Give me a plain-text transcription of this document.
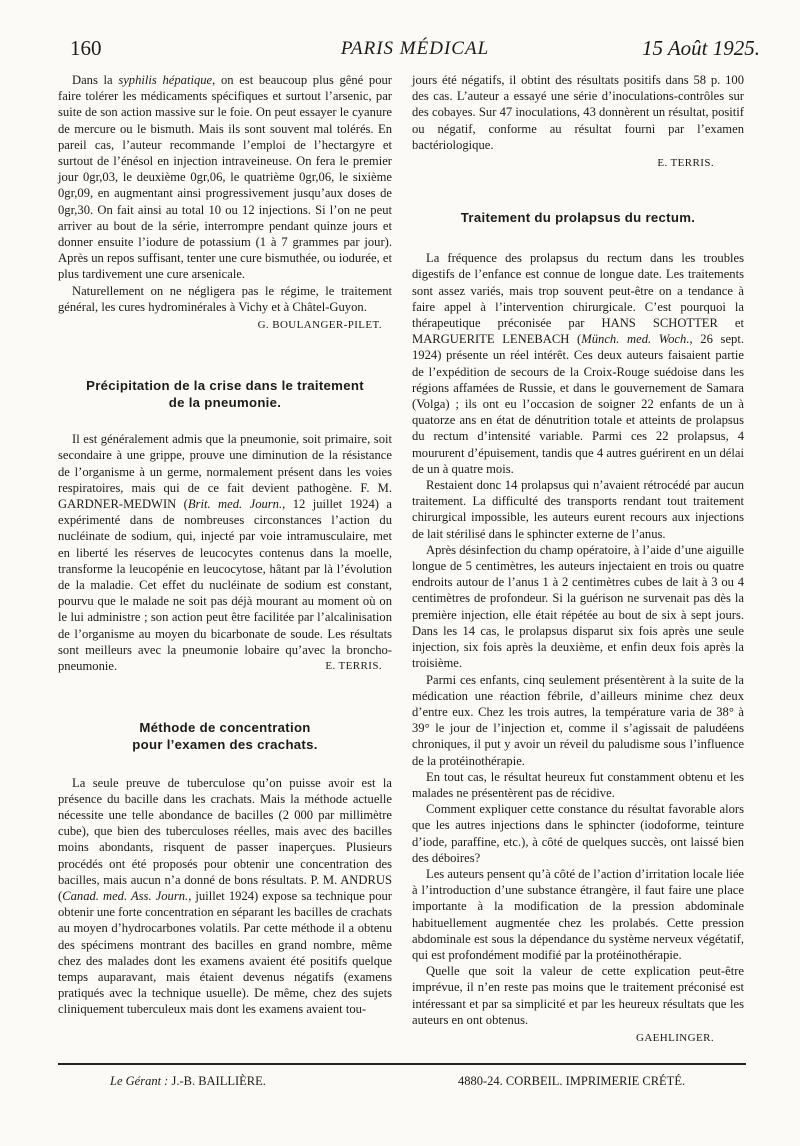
160	PARIS MÉDICAL	15 Août 1925.

Dans la syphilis hépatique, on est beaucoup plus gêné pour faire tolérer les médicaments spécifiques et surtout l’arsenic, par suite de son action massive sur le foie. On peut essayer le cyanure de mercure ou le bismuth. Mais ils sont souvent mal tolérés. En pareil cas, l’auteur recommande l’emploi de l’hectargyre et surtout de l’énésol en injection intraveineuse. On fera le premier jour 0gr,03, le deuxième 0gr,06, le quatrième 0gr,06, le sixième 0gr,09, en augmentant ainsi progressivement jusqu’aux doses de 0gr,30. On fait ainsi au total 10 ou 12 injections. Si l’on ne peut arriver au bout de la série, interrompre pendant quinze jours et donner ensuite l’iodure de potassium (1 à 7 grammes par jour). Après un repos suffisant, tenter une cure bismuthée, ou iodurée, et plus tardivement une cure arsenicale.

Naturellement on ne négligera pas le régime, le traitement général, les cures hydrominérales à Vichy et à Châtel-Guyon.

G. BOULANGER-PILET.
Précipitation de la crise dans le traitement
de la pneumonie.

Il est généralement admis que la pneumonie, soit primaire, soit secondaire à une grippe, prouve une diminution de la résistance de l’organisme à un germe, normalement présent dans les voies respiratoires, mais qui de ce fait devient pathogène. F. M. GARDNER-MEDWIN (Brit. med. Journ., 12 juillet 1924) a expérimenté dans de nombreuses circonstances l’action du nucléinate de sodium, qui, injecté par voie intramusculaire, met en liberté les réserves de leucocytes contenus dans la moelle, transforme la leucopénie en leucocytose, hâtant par là l’évolution de la maladie. Cet effet du nucléinate de sodium est constant, pourvu que le malade ne soit pas déjà mourant au moment où on le lui administre ; son action peut être facilitée par l’alcalinisation de l’organisme au moyen du bicarbonate de soude. Les résultats sont meilleurs avec la pneumonie lobaire qu’avec la broncho-pneumonie.	E. TERRIS.
Méthode de concentration
pour l’examen des crachats.

La seule preuve de tuberculose qu’on puisse avoir est la présence du bacille dans les crachats. Mais la méthode actuelle nécessite une telle abondance de bacilles (2 000 par millimètre cube), que bien des tuberculoses réelles, mais avec des bacilles moins abondants, risquent de passer inaperçues. Plusieurs procédés ont été proposés pour obtenir une concentration des bacilles, mais aucun n’a donné de bons résultats. P. M. ANDRUS (Canad. med. Ass. Journ., juillet 1924) expose sa technique pour obtenir une forte concentration en séparant les bacilles de crachats au moyen d’hydrocarbones volatils. Par cette méthode il a obtenu des spécimens montrant des bacilles en grand nombre, même chez des malades dont les examens avaient été positifs quelque temps auparavant, mais étaient devenus négatifs (examens pratiqués avec la technique usuelle). De même, chez des sujets cliniquement tuberculeux mais dont les examens avaient tou-

jours été négatifs, il obtint des résultats positifs dans 58 p. 100 des cas. L’auteur a essayé une série d’inoculations-contrôles sur des cobayes. Sur 47 inoculations, 43 donnèrent un résultat, positif ou négatif, conforme au résultat fourni par l’examen bactériologique.

E. TERRIS.
Traitement du prolapsus du rectum.

La fréquence des prolapsus du rectum dans les troubles digestifs de l’enfance est connue de longue date. Les traitements sont assez variés, mais trop souvent peut-être on a tendance à faire appel à l’intervention chirurgicale. C’est pourquoi la thérapeutique préconisée par HANS SCHOTTER et MARGUERITE LENEBACH (Münch. med. Woch., 26 sept. 1924) présente un réel intérêt. Ces deux auteurs faisaient partie de l’expédition de secours de la Croix-Rouge suédoise dans les régions affamées de Russie, et dans le gouvernement de Samara (Volga) ; ils ont eu l’occasion de soigner 22 enfants de un à quatorze ans en état de dénutrition totale et atteints de prolapsus du rectum d’intensité variable. Parmi ces 22 prolapsus, 4 moururent d’épuisement, tandis que 4 autres guérirent en un délai de un à quatre mois.

Restaient donc 14 prolapsus qui n’avaient rétrocédé par aucun traitement. La difficulté des transports rendant tout traitement chirurgical impossible, les auteurs eurent recours aux injections de lait stérilisé dans le sphincter externe de l’anus.

Après désinfection du champ opératoire, à l’aide d’une aiguille longue de 5 centimètres, les auteurs injectaient en trois ou quatre endroits autour de l’anus 1 à 2 centimètres cubes de lait à 3 ou 4 centimètres de profondeur. Si la guérison ne survenait pas dès la première injection, elle était répétée au bout de six à sept jours. Dans les 14 cas, le prolapsus disparut six fois après une seule injection, six fois après la deuxième, et enfin deux fois après la troisième.

Parmi ces enfants, cinq seulement présentèrent à la suite de la médication une réaction fébrile, d’ailleurs minime chez deux d’entre eux. Chez les trois autres, la température varia de 38° à 39° le jour de l’injection et, comme il s’agissait de paludéens chroniques, il put y avoir un réveil du paludisme sous l’influence de la protéinothérapie.

En tout cas, le résultat heureux fut constamment obtenu et les malades ne présentèrent pas de récidive.

Comment expliquer cette constance du résultat favorable alors que les autres injections dans le sphincter (iodoforme, teinture d’iode, paraffine, etc.), à côté de quelques succès, ont laissé bien des déboires?

Les auteurs pensent qu’à côté de l’action d’irritation locale liée à l’introduction d’une substance étrangère, il faut faire une place importante à la modification de la pression abdominale habituellement augmentée chez les prolabés. Cette pression abdominale est sous la dépendance du système nerveux végétatif, qui est profondément modifié par la protéinothérapie.

Quelle que soit la valeur de cette explication peut-être imprévue, il n’en reste pas moins que le traitement préconisé est intéressant et par sa simplicité et par les heureux résultats que les auteurs en ont obtenus.

GAEHLINGER.
Le Gérant : J.-B. BAILLIÈRE.	4880-24. CORBEIL. IMPRIMERIE CRÉTÉ.
